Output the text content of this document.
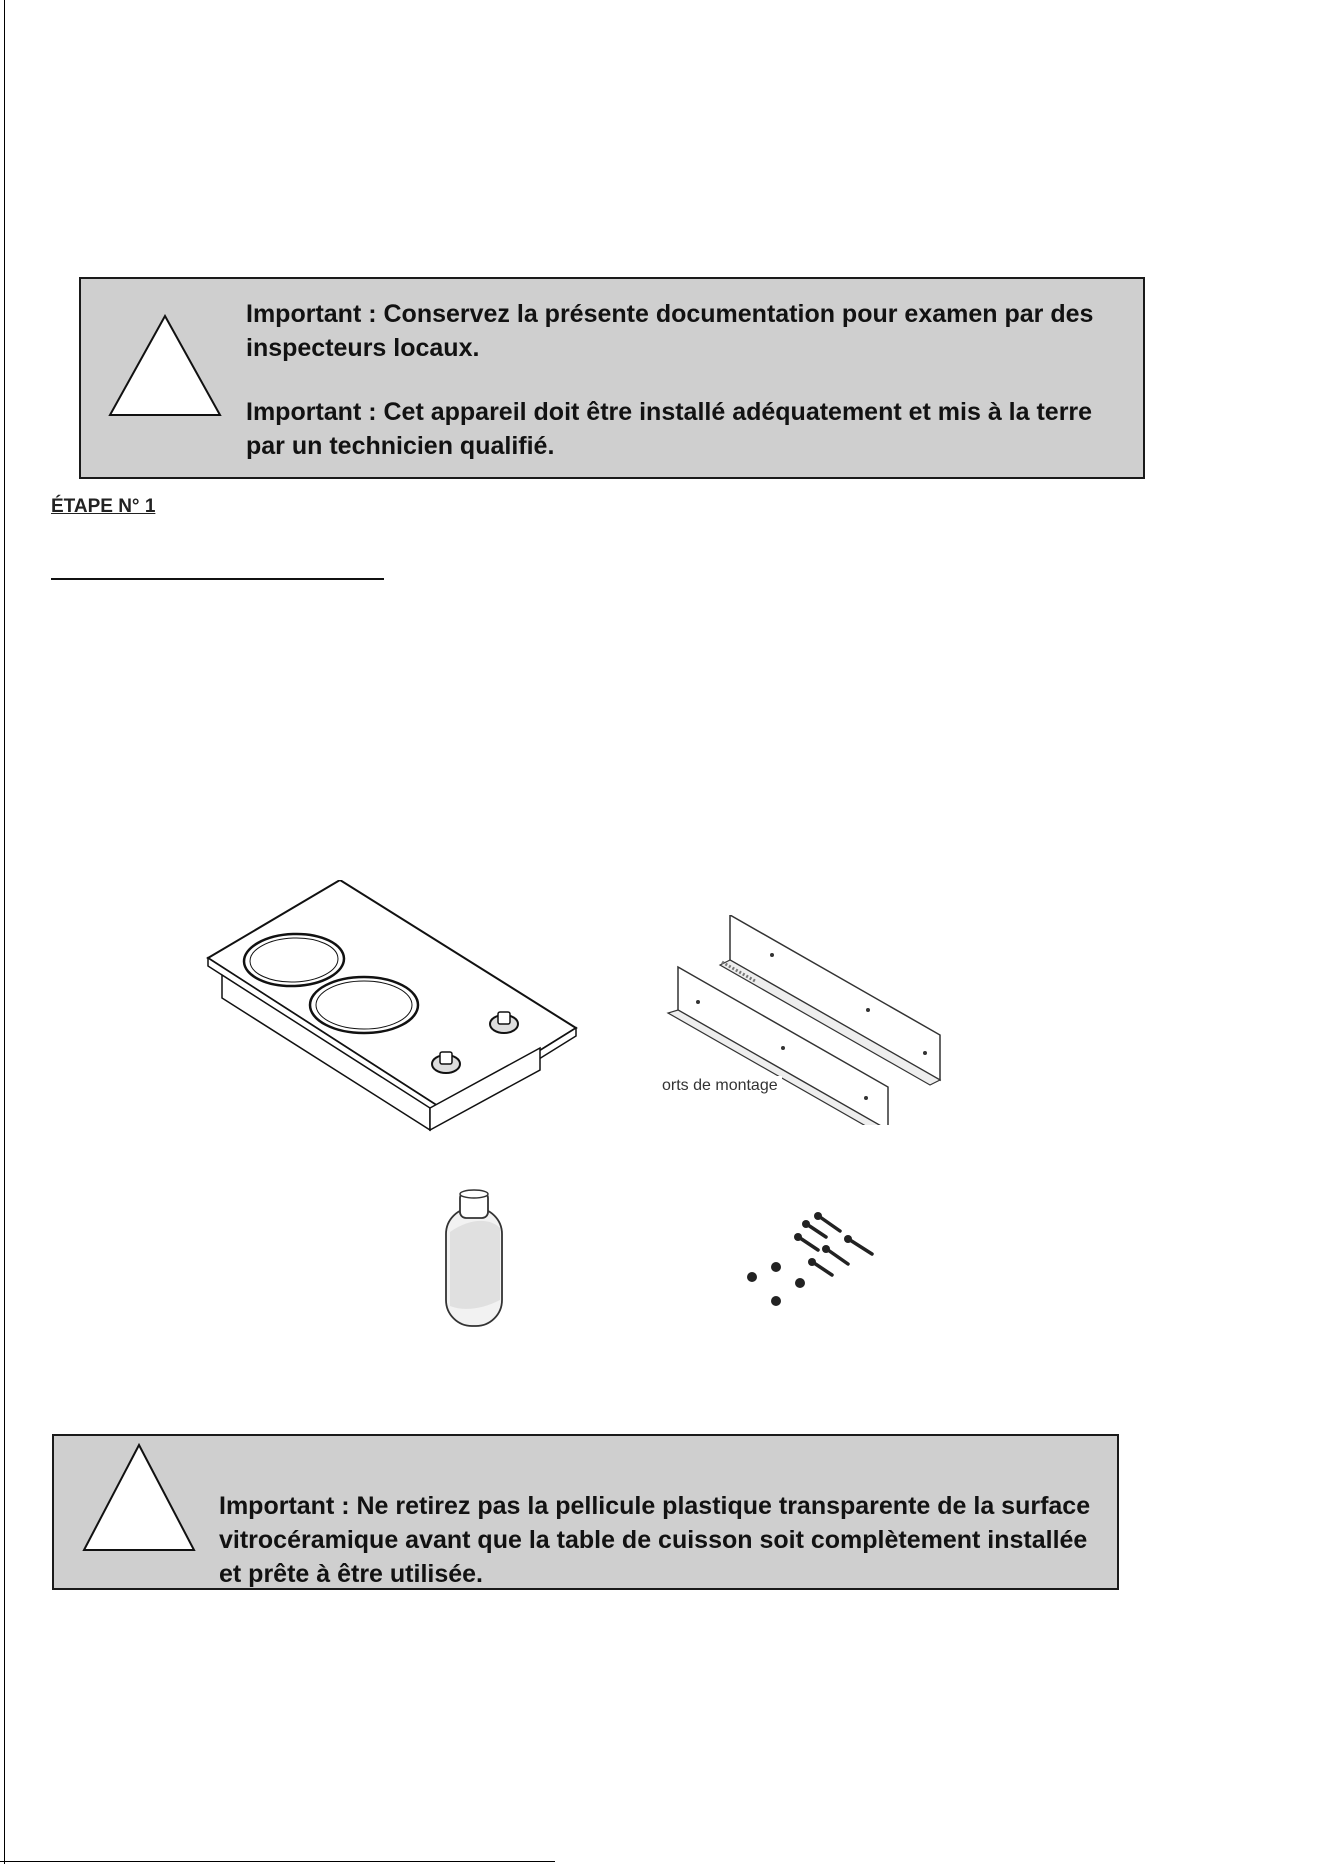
Important : Conservez la présente documentation pour examen par des inspecteurs locaux.

Important : Cet appareil doit être installé adéquatement et mis à la terre par un technicien qualifié.

ÉTAPE N° 1

orts de montage

Important : Ne retirez pas la pellicule plastique transparente de la surface vitrocéramique avant que la table de cuisson soit complètement installée et prête à être utilisée.
